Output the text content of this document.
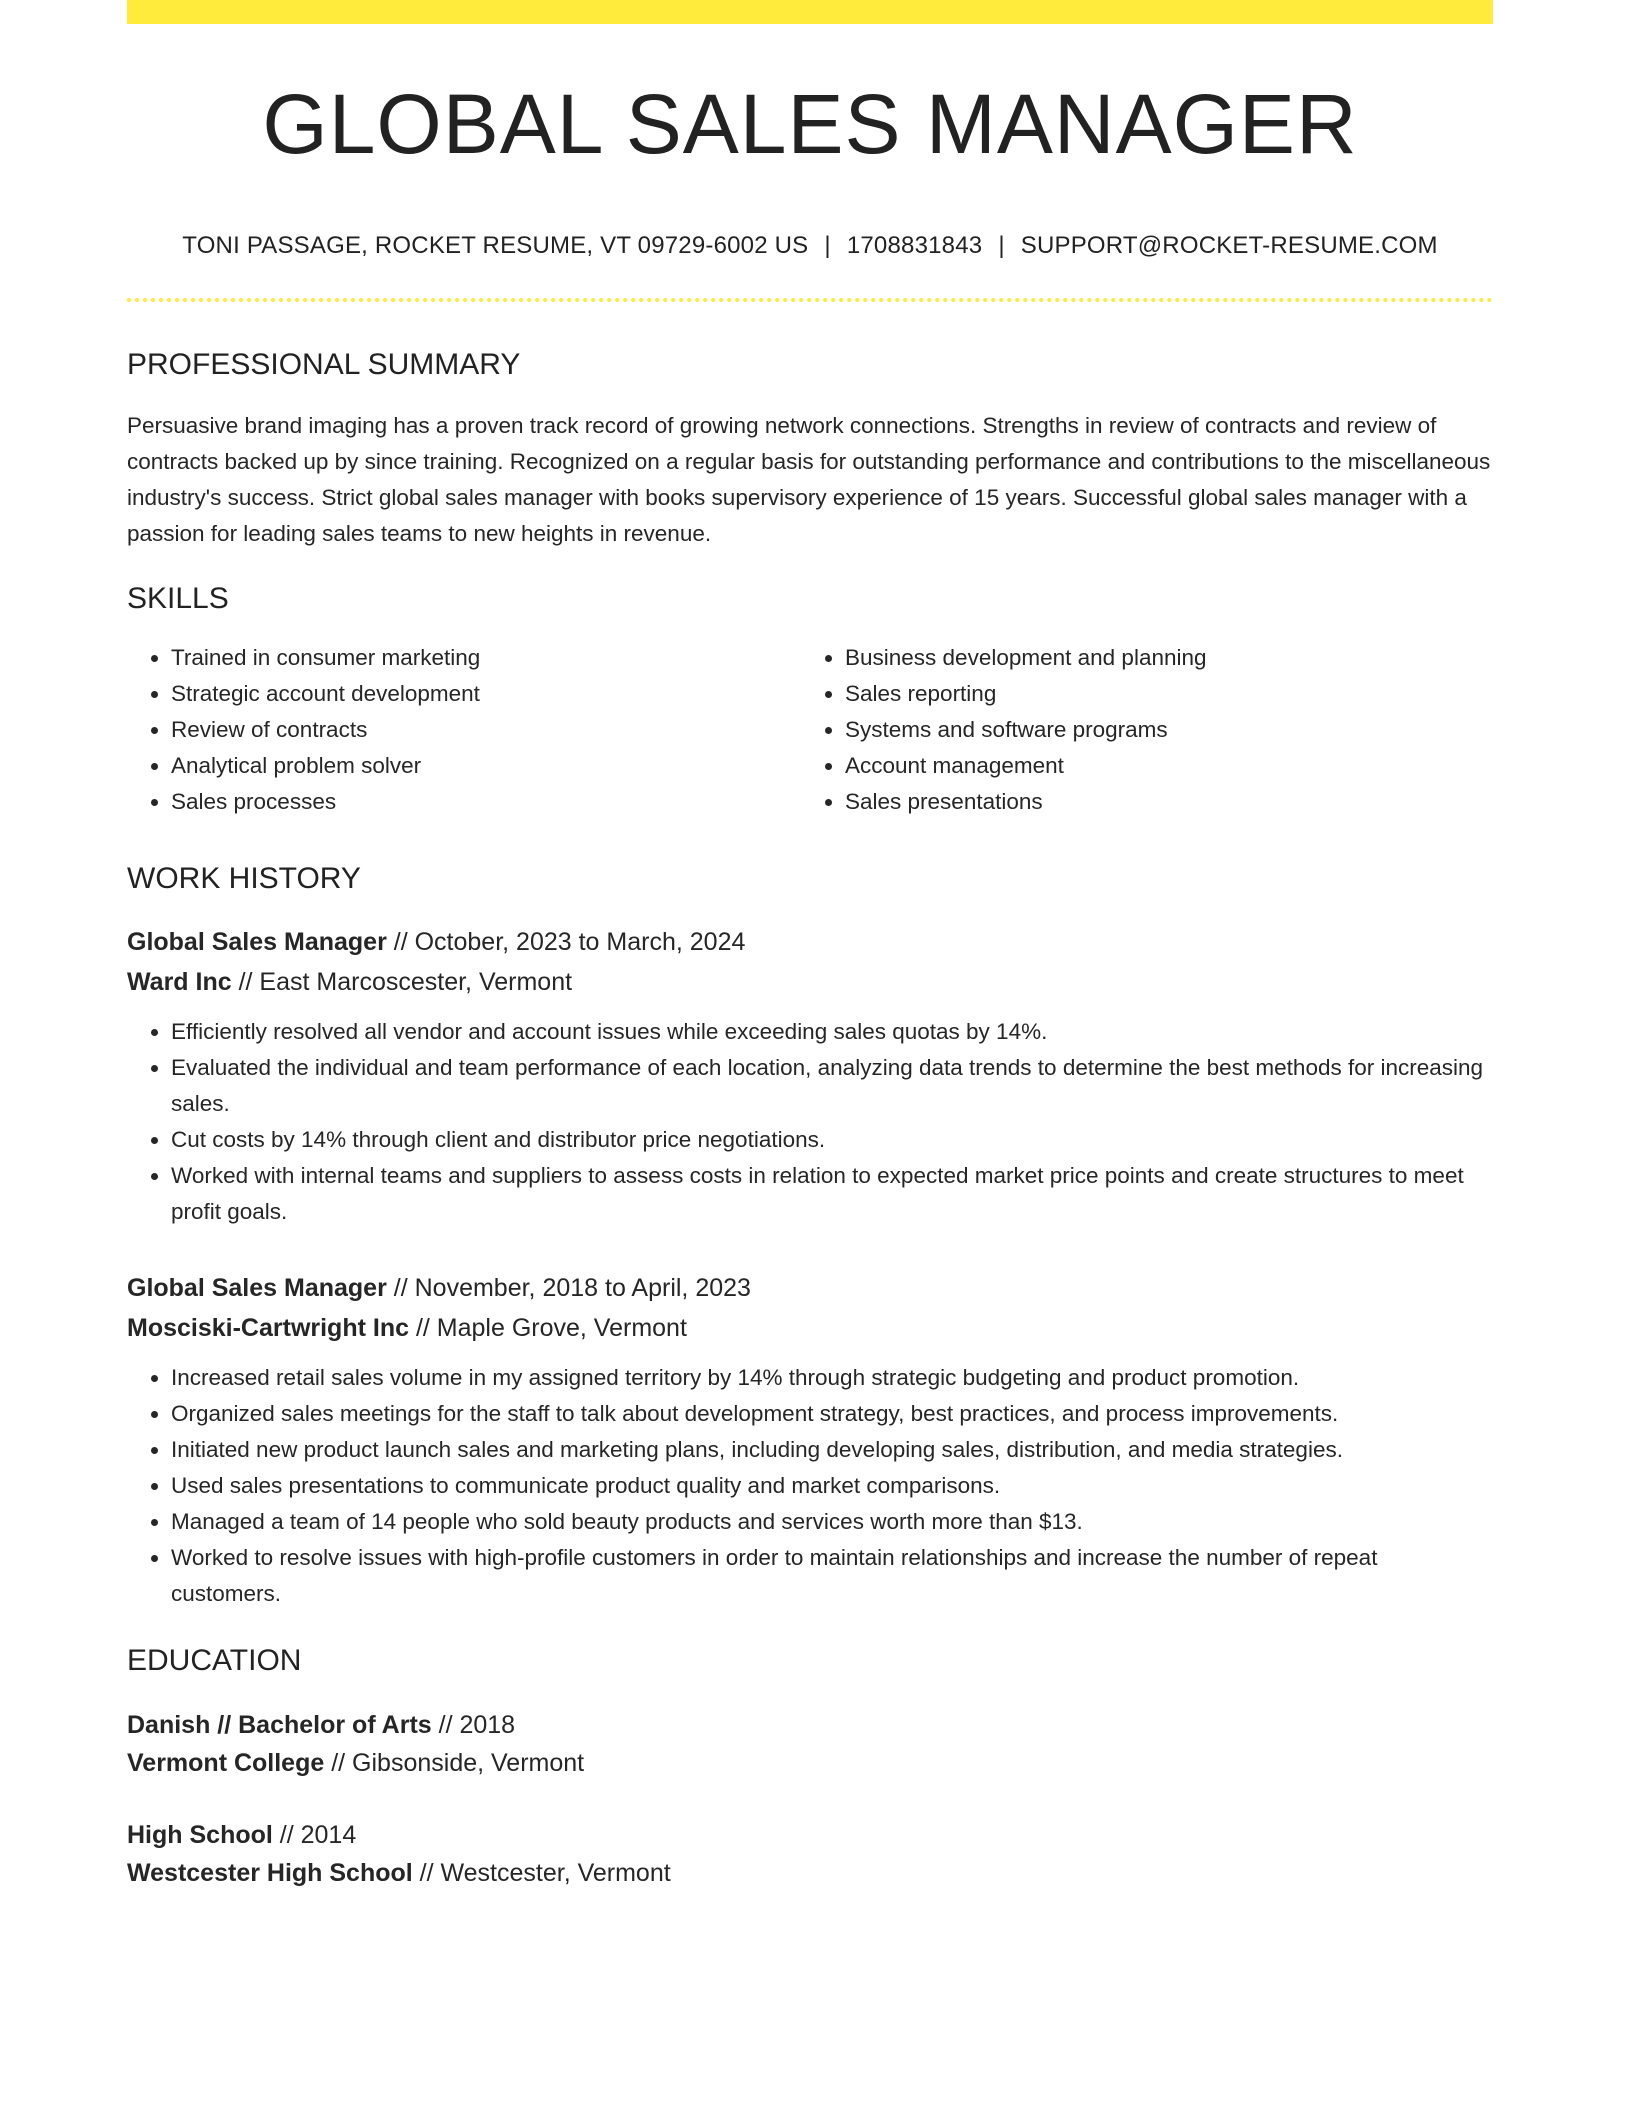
GLOBAL SALES MANAGER
TONI PASSAGE, ROCKET RESUME, VT 09729-6002 US | 1708831843 | SUPPORT@ROCKET-RESUME.COM
PROFESSIONAL SUMMARY
Persuasive brand imaging has a proven track record of growing network connections. Strengths in review of contracts and review of contracts backed up by since training. Recognized on a regular basis for outstanding performance and contributions to the miscellaneous industry's success. Strict global sales manager with books supervisory experience of 15 years. Successful global sales manager with a passion for leading sales teams to new heights in revenue.
SKILLS
• Trained in consumer marketing
• Strategic account development
• Review of contracts
• Analytical problem solver
• Sales processes
• Business development and planning
• Sales reporting
• Systems and software programs
• Account management
• Sales presentations
WORK HISTORY
Global Sales Manager // October, 2023 to March, 2024
Ward Inc // East Marcoscester, Vermont
• Efficiently resolved all vendor and account issues while exceeding sales quotas by 14%.
• Evaluated the individual and team performance of each location, analyzing data trends to determine the best methods for increasing sales.
• Cut costs by 14% through client and distributor price negotiations.
• Worked with internal teams and suppliers to assess costs in relation to expected market price points and create structures to meet profit goals.
Global Sales Manager // November, 2018 to April, 2023
Mosciski-Cartwright Inc // Maple Grove, Vermont
• Increased retail sales volume in my assigned territory by 14% through strategic budgeting and product promotion.
• Organized sales meetings for the staff to talk about development strategy, best practices, and process improvements.
• Initiated new product launch sales and marketing plans, including developing sales, distribution, and media strategies.
• Used sales presentations to communicate product quality and market comparisons.
• Managed a team of 14 people who sold beauty products and services worth more than $13.
• Worked to resolve issues with high-profile customers in order to maintain relationships and increase the number of repeat customers.
EDUCATION
Danish // Bachelor of Arts // 2018
Vermont College // Gibsonside, Vermont
High School // 2014
Westcester High School // Westcester, Vermont
